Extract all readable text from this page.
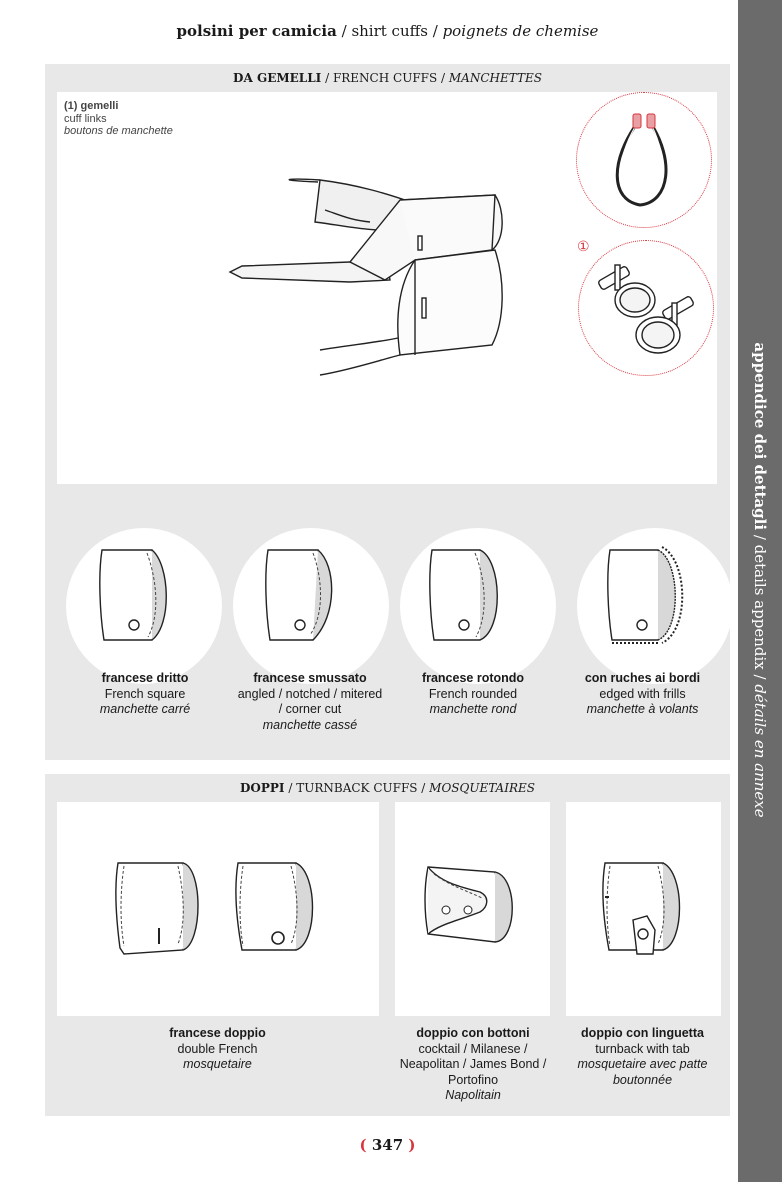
polsini per camicia / shirt cuffs / poignets de chemise
appendice dei dettagli / details appendix / détails en annexe
DA GEMELLI / FRENCH CUFFS / MANCHETTES
(1) gemelli
cuff links
boutons de manchette
①
francese dritto
French square
manchette carré
francese smussato
angled / notched / mitered / corner cut
manchette cassé
francese rotondo
French rounded
manchette rond
con ruches ai bordi
edged with frills
manchette à volants
DOPPI / TURNBACK CUFFS / MOSQUETAIRES
francese doppio
double French
mosquetaire
doppio con bottoni
cocktail / Milanese / Neapolitan / James Bond / Portofino
Napolitain
doppio con linguetta
turnback with tab
mosquetaire avec patte boutonnée
( 347 )
